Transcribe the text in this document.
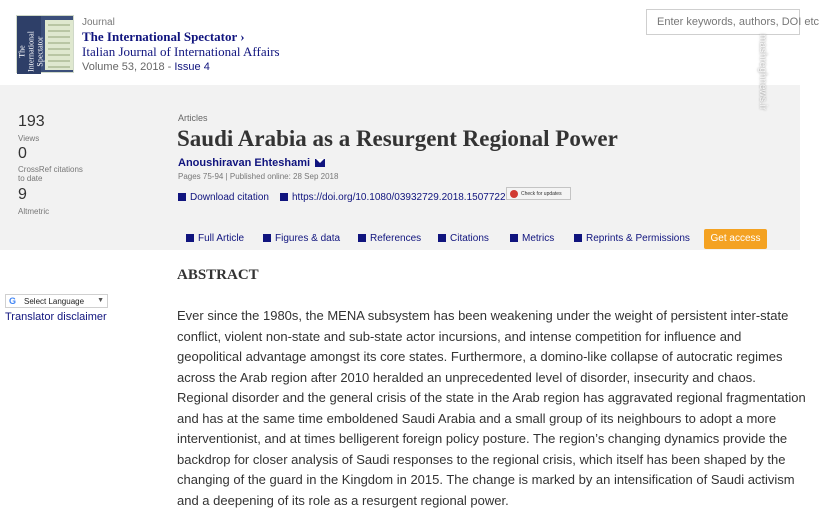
The International Spectator
Journal
The International Spectator ›
Italian Journal of International Affairs
Volume 53, 2018 - Issue 4
Enter keywords, authors, DOI etc
mashreghnews.ir
193
Views
0
CrossRef citations to date
9
Altmetric
Articles
Saudi Arabia as a Resurgent Regional Power
Anoushiravan Ehteshami
Pages 75-94 | Published online: 28 Sep 2018
Download citation	https://doi.org/10.1080/03932729.2018.1507722	Check for updates
Full Article	Figures & data	References	Citations	Metrics	Reprints & Permissions	Get access
G Select Language ▼
Translator disclaimer
ABSTRACT
Ever since the 1980s, the MENA subsystem has been weakening under the weight of persistent inter-state
conflict, violent non-state and sub-state actor incursions, and intense competition for influence and
geopolitical advantage amongst its core states. Furthermore, a domino-like collapse of autocratic regimes
across the Arab region after 2010 heralded an unprecedented level of disorder, insecurity and chaos.
Regional disorder and the general crisis of the state in the Arab region has aggravated regional fragmentation
and has at the same time emboldened Saudi Arabia and a small group of its neighbours to adopt a more
interventionist, and at times belligerent foreign policy posture. The region’s changing dynamics provide the
backdrop for closer analysis of Saudi responses to the regional crisis, which itself has been shaped by the
changing of the guard in the Kingdom in 2015. The change is marked by an intensification of Saudi activism
and a deepening of its role as a resurgent regional power.
